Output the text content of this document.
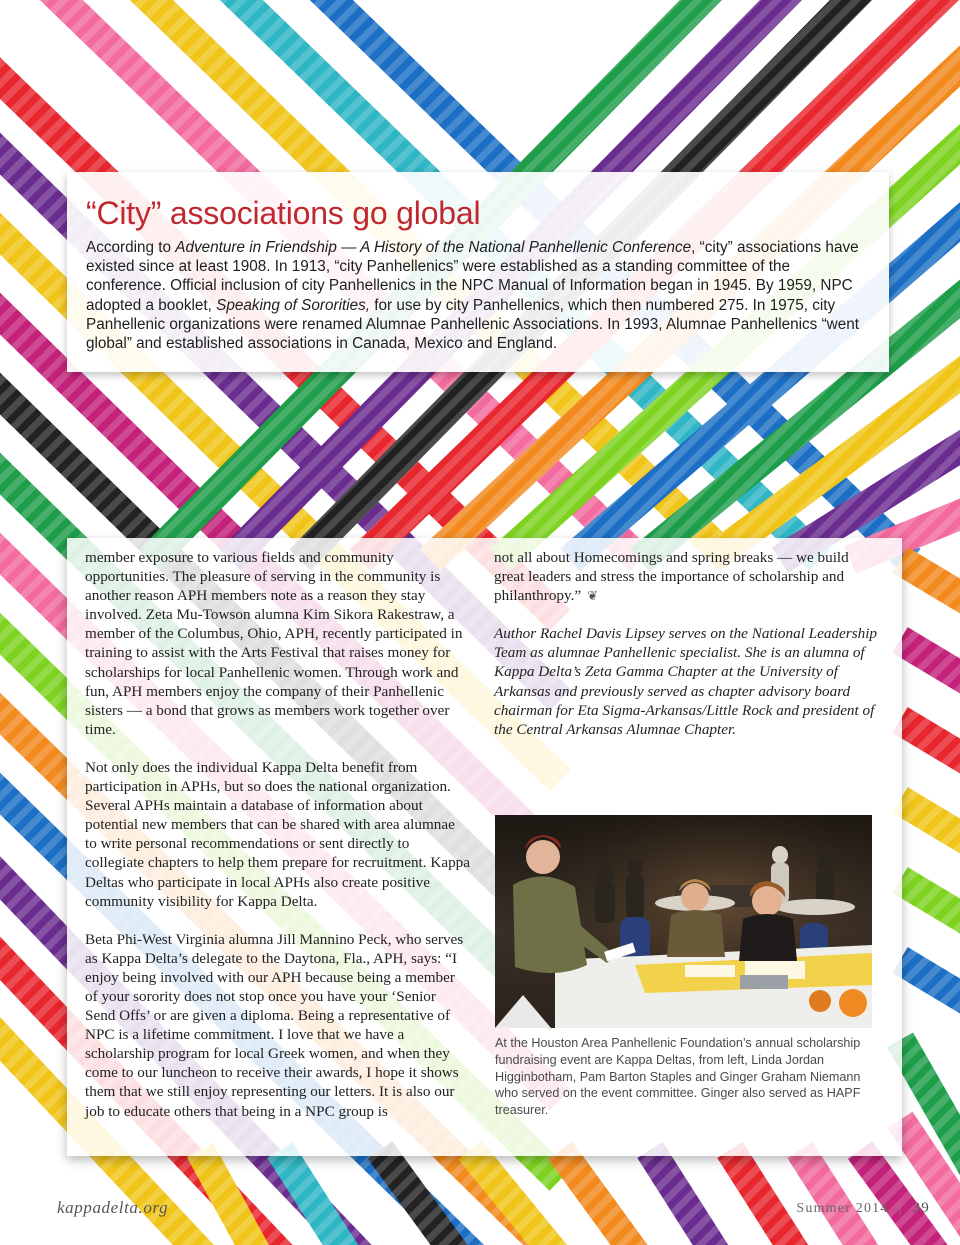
“City” associations go global

According to Adventure in Friendship — A History of the National Panhellenic Conference, “city” associations have existed since at least 1908. In 1913, “city Panhellenics” were established as a standing committee of the conference. Official inclusion of city Panhellenics in the NPC Manual of Information began in 1945. By 1959, NPC adopted a booklet, Speaking of Sororities, for use by city Panhellenics, which then numbered 275. In 1975, city Panhellenic organizations were renamed Alumnae Panhellenic Associations. In 1993, Alumnae Panhellenics “went global” and established associations in Canada, Mexico and England.

member exposure to various fields and community opportunities. The pleasure of serving in the community is another reason APH members note as a reason they stay involved. Zeta Mu-Towson alumna Kim Sikora Rakestraw, a member of the Columbus, Ohio, APH, recently participated in training to assist with the Arts Festival that raises money for scholarships for local Panhellenic women. Through work and fun, APH members enjoy the company of their Panhellenic sisters — a bond that grows as members work together over time.

Not only does the individual Kappa Delta benefit from participation in APHs, but so does the national organization. Several APHs maintain a database of information about potential new members that can be shared with area alumnae to write personal recommendations or sent directly to collegiate chapters to help them prepare for recruitment. Kappa Deltas who participate in local APHs also create positive community visibility for Kappa Delta.

Beta Phi-West Virginia alumna Jill Mannino Peck, who serves as Kappa Delta’s delegate to the Daytona, Fla., APH, says: “I enjoy being involved with our APH because being a member of your sorority does not stop once you have your ‘Senior Send Offs’ or are given a diploma. Being a representative of NPC is a lifetime commitment. I love that we have a scholarship program for local Greek women, and when they come to our luncheon to receive their awards, I hope it shows them that we still enjoy representing our letters. It is also our job to educate others that being in a NPC group is

not all about Homecomings and spring breaks — we build great leaders and stress the importance of scholarship and philanthropy.” ❦

Author Rachel Davis Lipsey serves on the National Leadership Team as alumnae Panhellenic specialist. She is an alumna of Kappa Delta’s Zeta Gamma Chapter at the University of Arkansas and previously served as chapter advisory board chairman for Eta Sigma-Arkansas/Little Rock and president of the Central Arkansas Alumnae Chapter.

At the Houston Area Panhellenic Foundation’s annual scholarship fundraising event are Kappa Deltas, from left, Linda Jordan Higginbotham, Pam Barton Staples and Ginger Graham Niemann who served on the event committee. Ginger also served as HAPF treasurer.

kappadelta.org	Summer 2014 | 39
